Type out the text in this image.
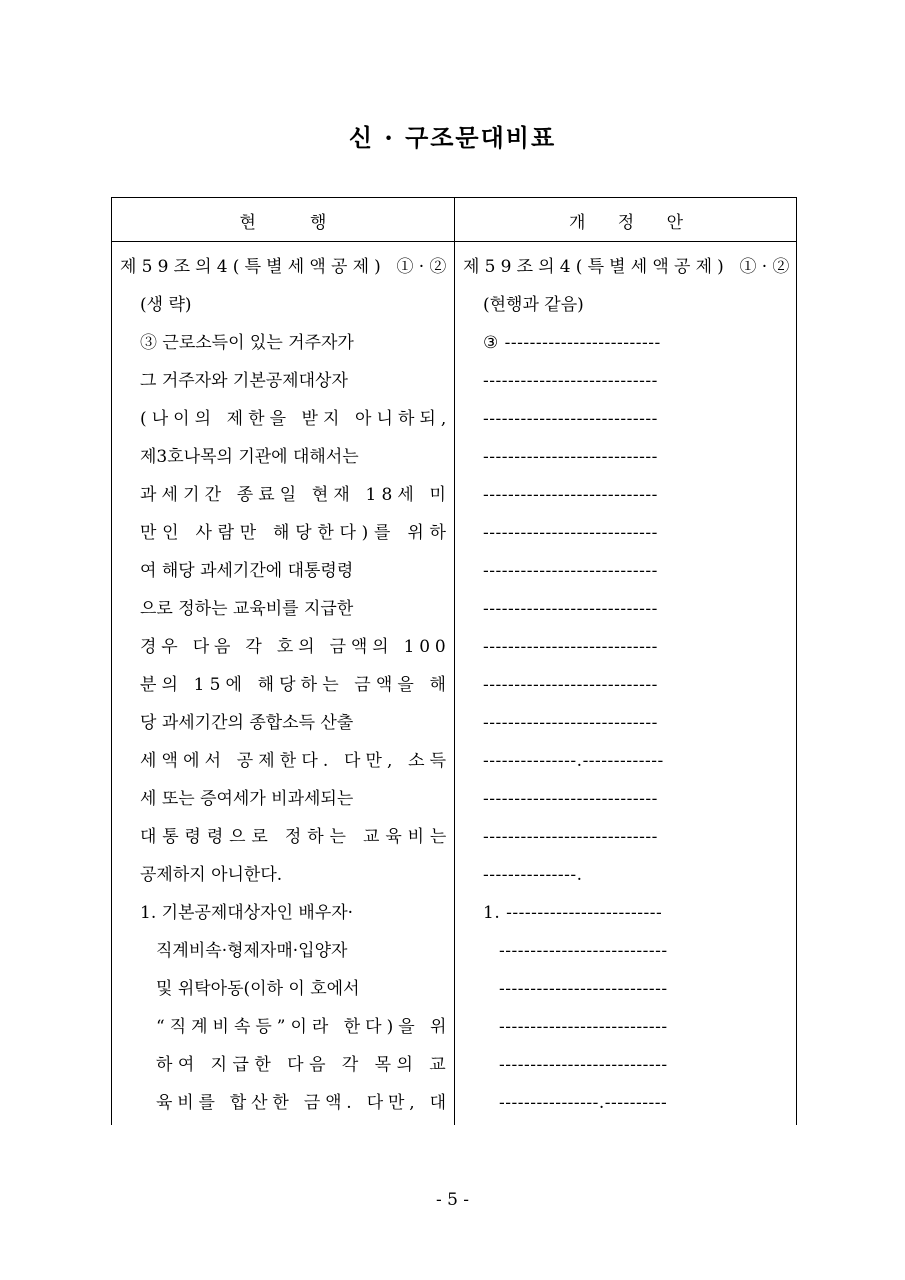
신 · 구조문대비표
현          행	개      정      안
제59조의4(특별세액공제) ①·②
(생 략)
③ 근로소득이 있는 거주자가
그 거주자와 기본공제대상자
(나이의 제한을 받지 아니하되,
제3호나목의 기관에 대해서는
과세기간 종료일 현재 18세 미
만인 사람만 해당한다)를 위하
여 해당 과세기간에 대통령령
으로 정하는 교육비를 지급한
경우 다음 각 호의 금액의 100
분의 15에 해당하는 금액을 해
당 과세기간의 종합소득 산출
세액에서 공제한다. 다만, 소득
세 또는 증여세가 비과세되는
대통령령으로 정하는 교육비는
공제하지 아니한다.
1. 기본공제대상자인 배우자·
직계비속·형제자매·입양자
및 위탁아동(이하 이 호에서
“직계비속등”이라 한다)을 위
하여 지급한 다음 각 목의 교
육비를 합산한 금액. 다만, 대
제59조의4(특별세액공제) ①·②
(현행과 같음)
③ -------------------------
----------------------------
----------------------------
----------------------------
----------------------------
----------------------------
----------------------------
----------------------------
----------------------------
----------------------------
----------------------------
---------------.-------------
----------------------------
----------------------------
---------------.
1. -------------------------
---------------------------
---------------------------
---------------------------
---------------------------
----------------.----------
- 5 -
